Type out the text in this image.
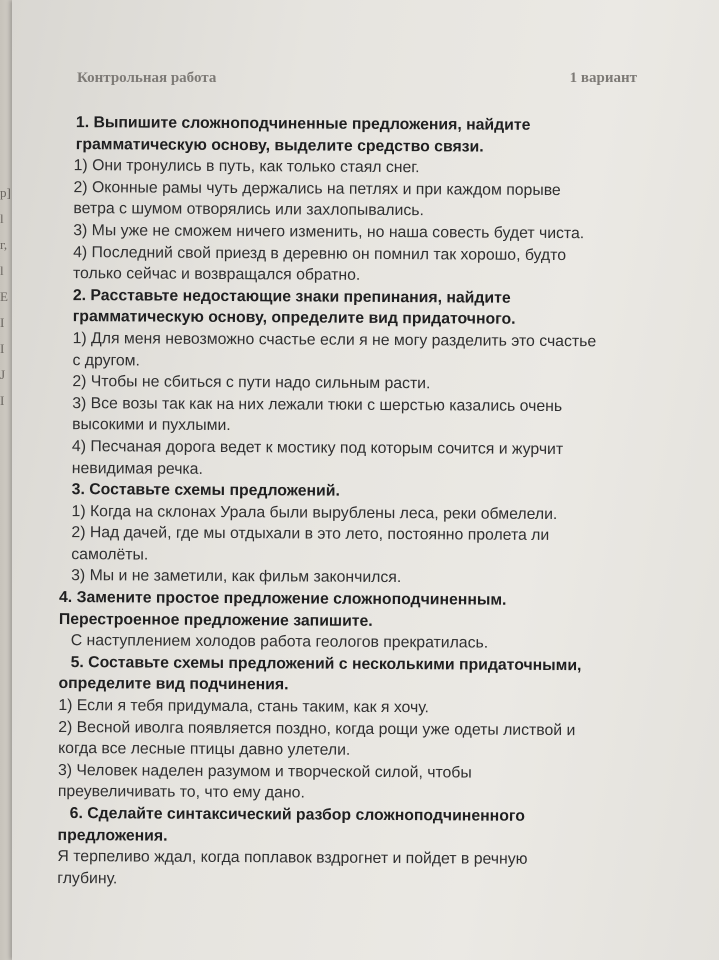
p]
l
г,
l
E
I
I
J
I
Контрольная работа	1 вариант

1. Выпишите сложноподчиненные предложения, найдите

грамматическую основу, выделите средство связи.

1) Они тронулись в путь, как только стаял снег.

2) Оконные рамы чуть держались на петлях и при каждом порыве

ветра с шумом отворялись или захлопывались.

3) Мы уже не сможем ничего изменить, но наша совесть будет чиста.

4) Последний свой приезд в деревню он помнил так хорошо, будто

только сейчас и возвращался обратно.

2. Расставьте недостающие знаки препинания, найдите

грамматическую основу, определите вид придаточного.

1) Для меня невозможно счастье если я не могу разделить это счастье

с другом.

2) Чтобы не сбиться с пути надо сильным расти.

3) Все возы так как на них лежали тюки с шерстью казались очень

высокими и пухлыми.

4) Песчаная дорога ведет к мостику под которым сочится и журчит

невидимая речка.

3. Составьте схемы предложений.

1) Когда на склонах Урала были вырублены леса, реки обмелели.

2) Над дачей, где мы отдыхали в это лето, постоянно пролета ли

самолёты.

3) Мы и не заметили, как фильм закончился.

4. Замените простое предложение сложноподчиненным.

Перестроенное предложение запишите.

С наступлением холодов работа геологов прекратилась.

5. Составьте схемы предложений с несколькими придаточными,

определите вид подчинения.

1) Если я тебя придумала, стань таким, как я хочу.

2) Весной иволга появляется поздно, когда рощи уже одеты листвой и

когда все лесные птицы давно улетели.

3) Человек наделен разумом и творческой силой, чтобы

преувеличивать то, что ему дано.

6. Сделайте синтаксический разбор сложноподчиненного

предложения.

Я терпеливо ждал, когда поплавок вздрогнет и пойдет в речную

глубину.
